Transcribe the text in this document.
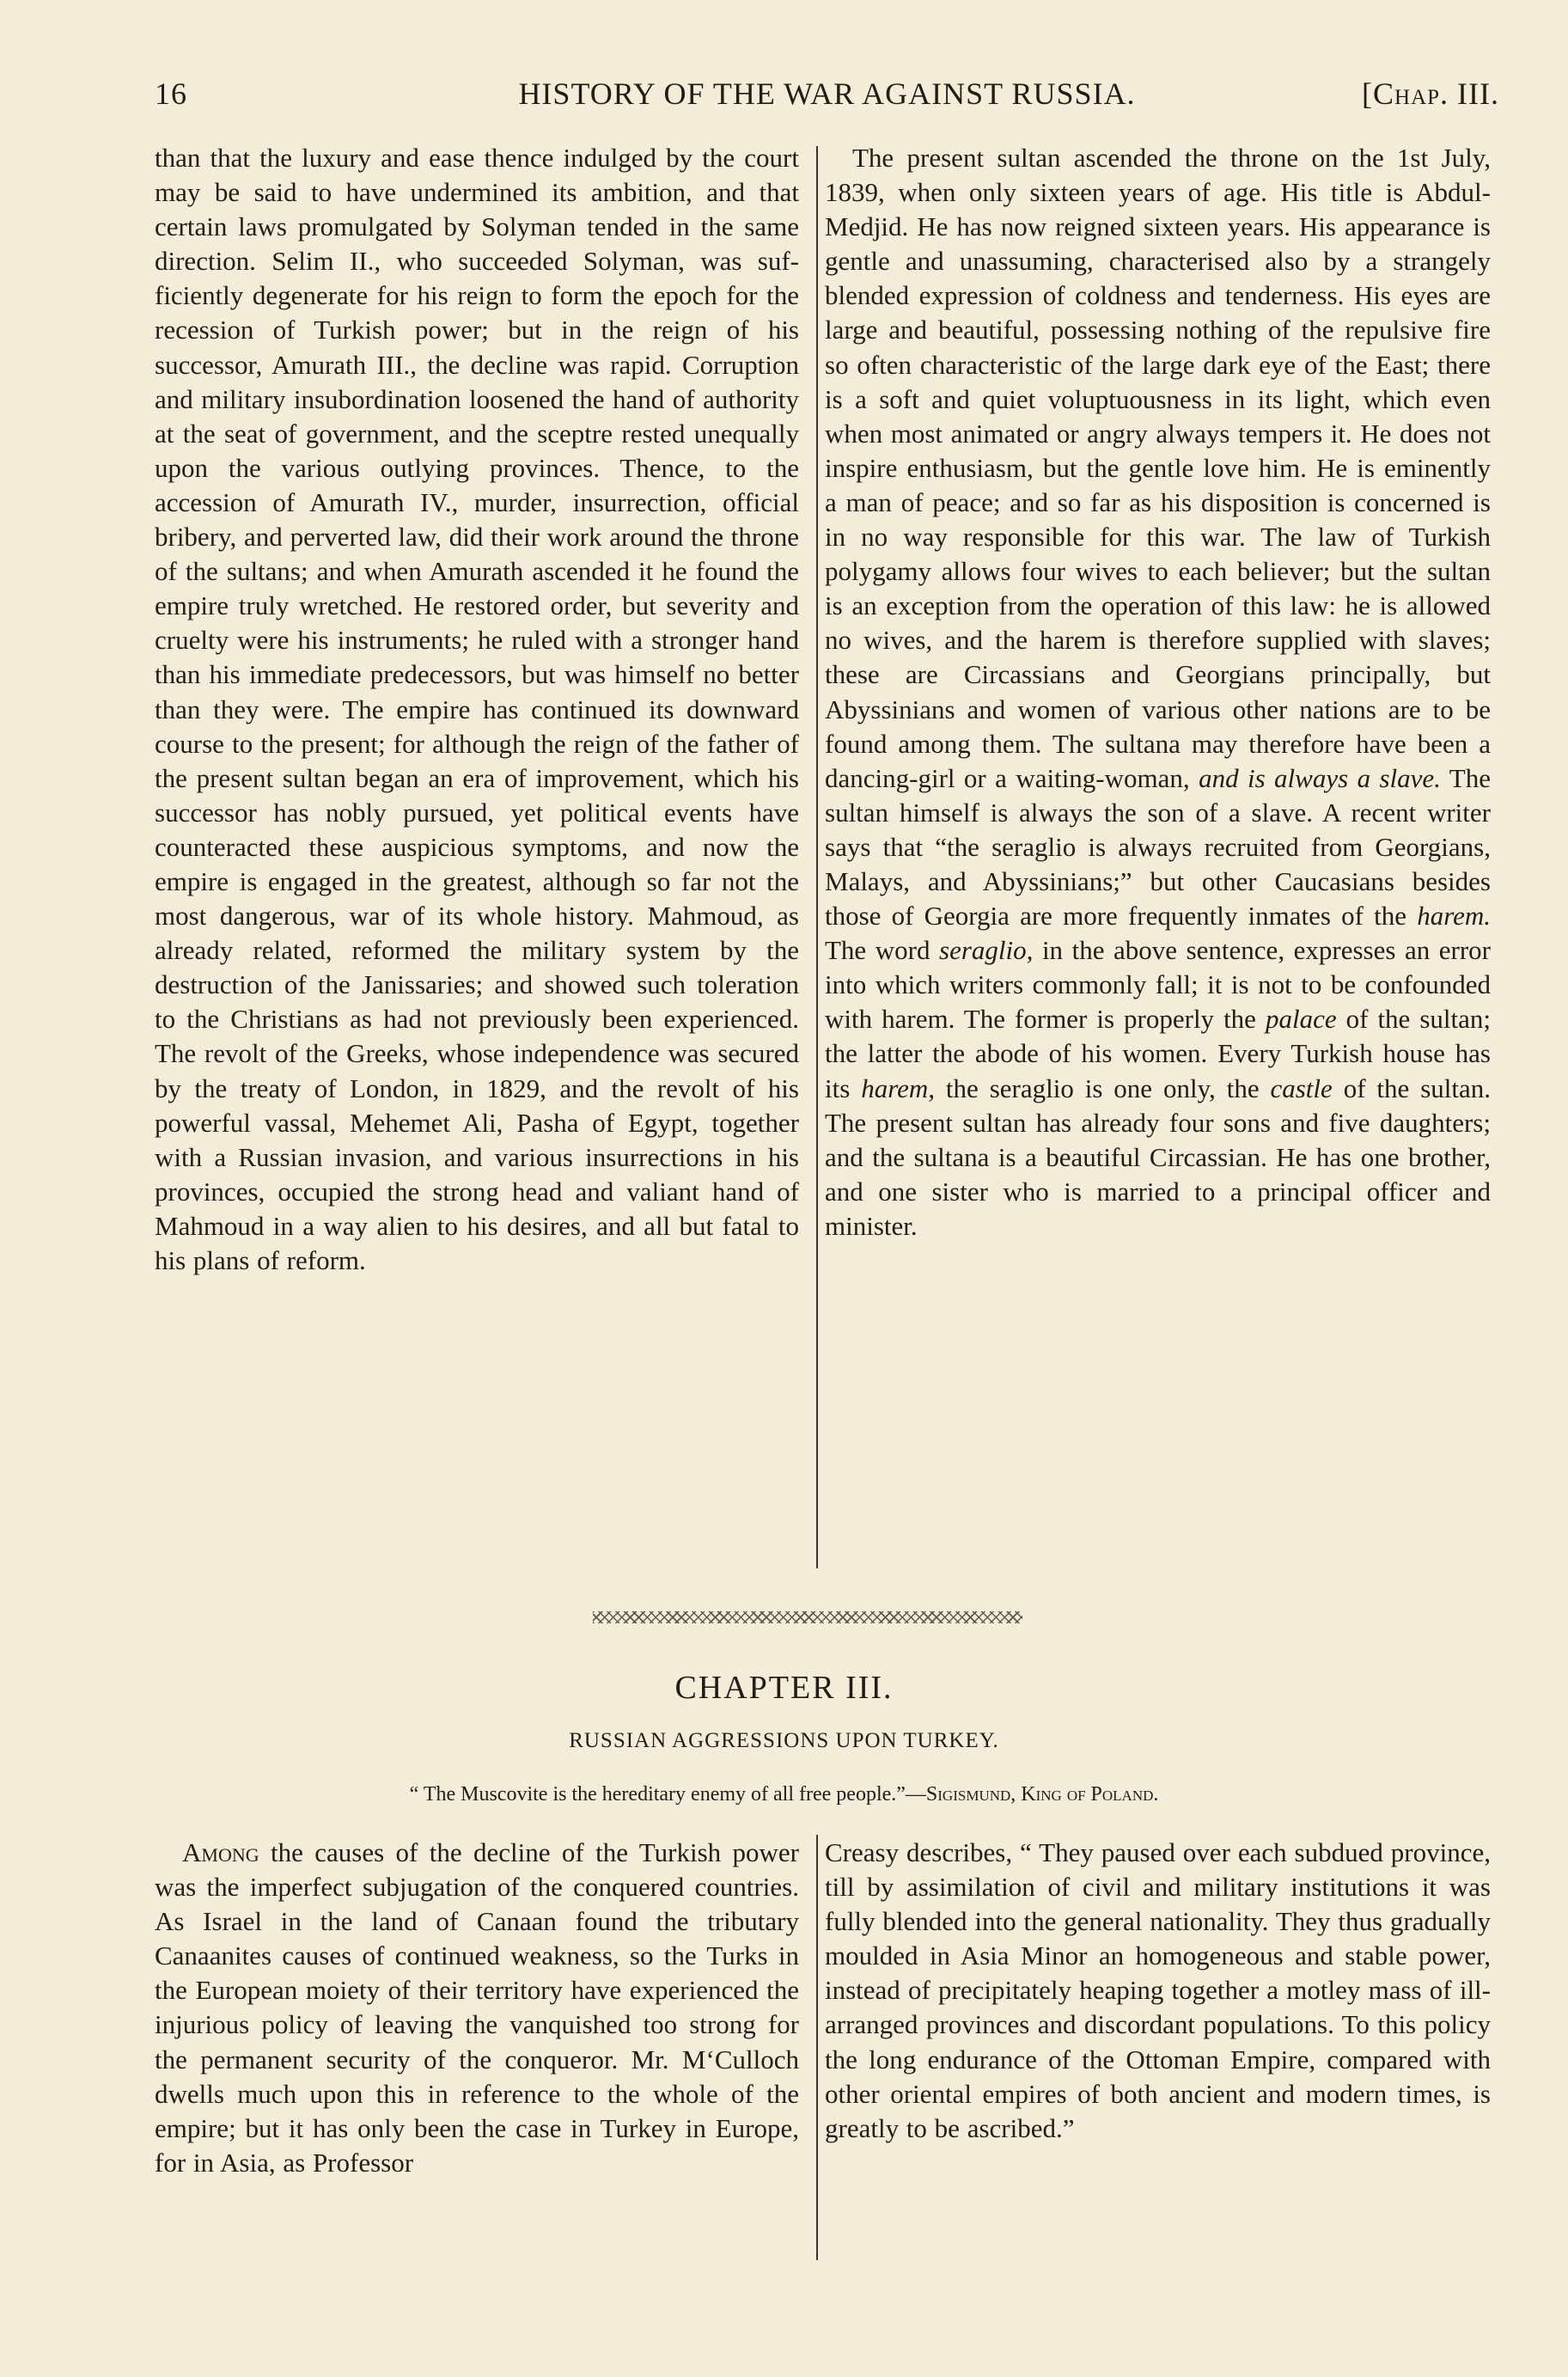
16	HISTORY OF THE WAR AGAINST RUSSIA.	[Chap. III.

than that the luxury and ease thence indulged by the court may be said to have undermined its ambition, and that certain laws promulgated by Solyman tended in the same direction. Selim II., who succeeded Solyman, was sufficiently degenerate for his reign to form the epoch for the recession of Turkish power; but in the reign of his successor, Amurath III., the decline was rapid. Corruption and military insubordination loosened the hand of authority at the seat of government, and the sceptre rested unequally upon the various outlying provinces. Thence, to the accession of Amurath IV., murder, insurrection, official bribery, and perverted law, did their work around the throne of the sultans; and when Amurath ascended it he found the empire truly wretched. He restored order, but severity and cruelty were his instruments; he ruled with a stronger hand than his immediate predecessors, but was himself no better than they were. The empire has continued its downward course to the present; for although the reign of the father of the present sultan began an era of improvement, which his successor has nobly pursued, yet political events have counteracted these auspicious symptoms, and now the empire is engaged in the greatest, although so far not the most dangerous, war of its whole history. Mahmoud, as already related, reformed the military system by the destruction of the Janissaries; and showed such toleration to the Christians as had not previously been experienced. The revolt of the Greeks, whose independence was secured by the treaty of London, in 1829, and the revolt of his powerful vassal, Mehemet Ali, Pasha of Egypt, together with a Russian invasion, and various insurrections in his provinces, occupied the strong head and valiant hand of Mahmoud in a way alien to his desires, and all but fatal to his plans of reform.

The present sultan ascended the throne on the 1st July, 1839, when only sixteen years of age. His title is Abdul-Medjid. He has now reigned sixteen years. His appearance is gentle and unassuming, characterised also by a strangely blended expression of coldness and tenderness. His eyes are large and beautiful, possessing nothing of the repulsive fire so often characteristic of the large dark eye of the East; there is a soft and quiet voluptuousness in its light, which even when most animated or angry always tempers it. He does not inspire enthusiasm, but the gentle love him. He is eminently a man of peace; and so far as his disposition is concerned is in no way responsible for this war. The law of Turkish polygamy allows four wives to each believer; but the sultan is an exception from the operation of this law: he is allowed no wives, and the harem is therefore supplied with slaves; these are Circassians and Georgians principally, but Abyssinians and women of various other nations are to be found among them. The sultana may therefore have been a dancing-girl or a waiting-woman, and is always a slave. The sultan himself is always the son of a slave. A recent writer says that “the seraglio is always recruited from Georgians, Malays, and Abyssinians;” but other Caucasians besides those of Georgia are more frequently inmates of the harem. The word seraglio, in the above sentence, expresses an error into which writers commonly fall; it is not to be confounded with harem. The former is properly the palace of the sultan; the latter the abode of his women. Every Turkish house has its harem, the seraglio is one only, the castle of the sultan. The present sultan has already four sons and five daughters; and the sultana is a beautiful Circassian. He has one brother, and one sister who is married to a principal officer and minister.

CHAPTER III.
RUSSIAN AGGRESSIONS UPON TURKEY.
“ The Muscovite is the hereditary enemy of all free people.”—Sigismund, King of Poland.

Among the causes of the decline of the Turkish power was the imperfect subjugation of the conquered countries. As Israel in the land of Canaan found the tributary Canaanites causes of continued weakness, so the Turks in the European moiety of their territory have experienced the injurious policy of leaving the vanquished too strong for the permanent security of the conqueror. Mr. M‘Culloch dwells much upon this in reference to the whole of the empire; but it has only been the case in Turkey in Europe, for in Asia, as Professor

Creasy describes, “ They paused over each subdued province, till by assimilation of civil and military institutions it was fully blended into the general nationality. They thus gradually moulded in Asia Minor an homogeneous and stable power, instead of precipitately heaping together a motley mass of ill-arranged provinces and discordant populations. To this policy the long endurance of the Ottoman Empire, compared with other oriental empires of both ancient and modern times, is greatly to be ascribed.”
